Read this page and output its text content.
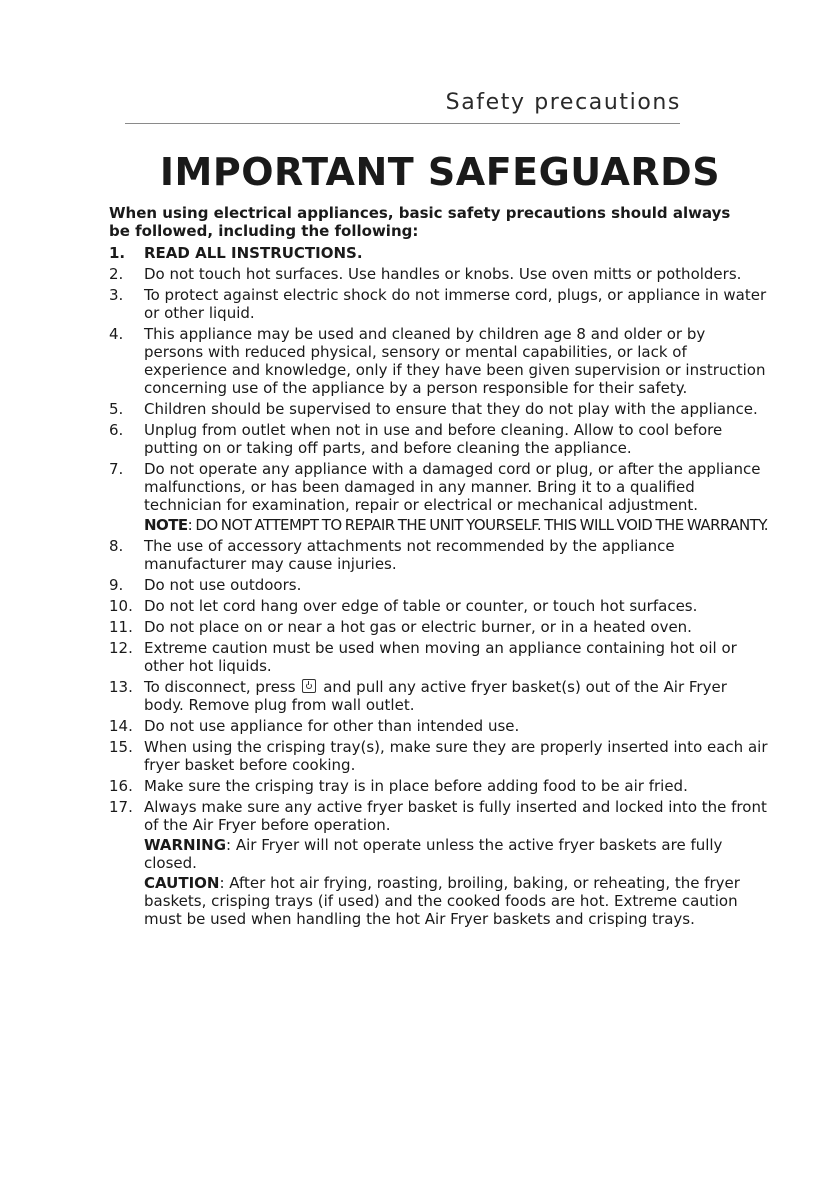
Safety precautions
IMPORTANT SAFEGUARDS
When using electrical appliances, basic safety precautions should always be followed, including the following:
1. READ ALL INSTRUCTIONS.
2. Do not touch hot surfaces. Use handles or knobs. Use oven mitts or potholders.
3. To protect against electric shock do not immerse cord, plugs, or appliance in water or other liquid.
4. This appliance may be used and cleaned by children age 8 and older or by persons with reduced physical, sensory or mental capabilities, or lack of experience and knowledge, only if they have been given supervision or instruction concerning use of the appliance by a person responsible for their safety.
5. Children should be supervised to ensure that they do not play with the appliance.
6. Unplug from outlet when not in use and before cleaning. Allow to cool before putting on or taking off parts, and before cleaning the appliance.
7. Do not operate any appliance with a damaged cord or plug, or after the appliance malfunctions, or has been damaged in any manner. Bring it to a qualified technician for examination, repair or electrical or mechanical adjustment.
NOTE: DO NOT ATTEMPT TO REPAIR THE UNIT YOURSELF. THIS WILL VOID THE WARRANTY.
8. The use of accessory attachments not recommended by the appliance manufacturer may cause injuries.
9. Do not use outdoors.
10. Do not let cord hang over edge of table or counter, or touch hot surfaces.
11. Do not place on or near a hot gas or electric burner, or in a heated oven.
12. Extreme caution must be used when moving an appliance containing hot oil or other hot liquids.
13. To disconnect, press and pull any active fryer basket(s) out of the Air Fryer body. Remove plug from wall outlet.
14. Do not use appliance for other than intended use.
15. When using the crisping tray(s), make sure they are properly inserted into each air fryer basket before cooking.
16. Make sure the crisping tray is in place before adding food to be air fried.
17. Always make sure any active fryer basket is fully inserted and locked into the front of the Air Fryer before operation.
WARNING: Air Fryer will not operate unless the active fryer baskets are fully closed.
CAUTION: After hot air frying, roasting, broiling, baking, or reheating, the fryer baskets, crisping trays (if used) and the cooked foods are hot. Extreme caution must be used when handling the hot Air Fryer baskets and crisping trays.
